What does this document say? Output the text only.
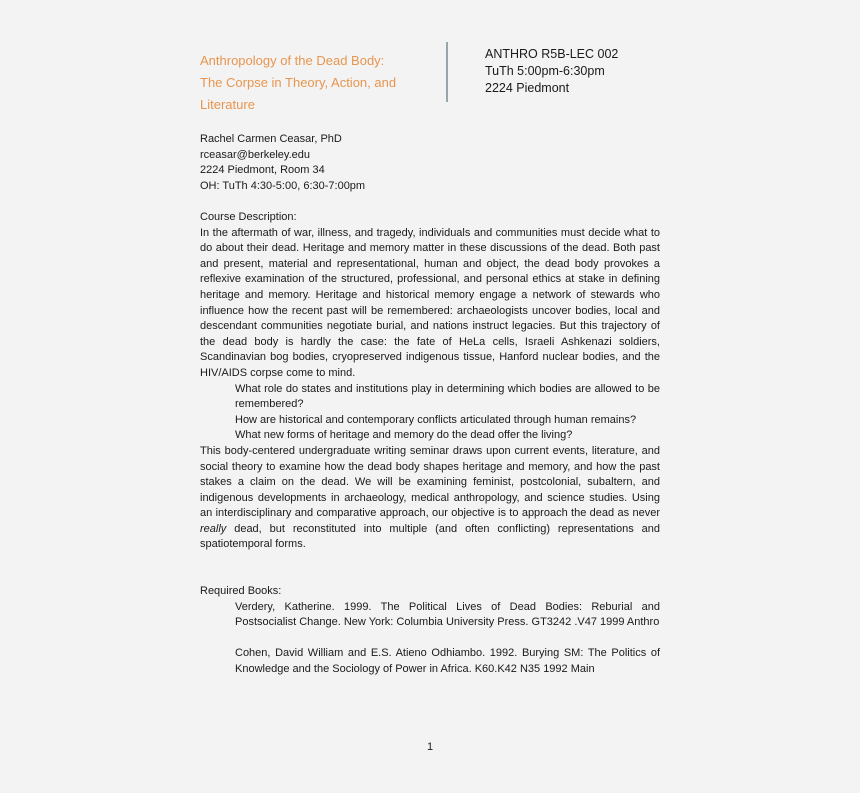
Anthropology of the Dead Body:
The Corpse in Theory, Action, and
Literature
ANTHRO R5B-LEC 002
TuTh 5:00pm-6:30pm
2224 Piedmont
Rachel Carmen Ceasar, PhD
rceasar@berkeley.edu
2224 Piedmont, Room 34
OH: TuTh 4:30-5:00, 6:30-7:00pm

Course Description:

In the aftermath of war, illness, and tragedy, individuals and communities must decide what to do about their dead. Heritage and memory matter in these discussions of the dead. Both past and present, material and representational, human and object, the dead body provokes a reflexive examination of the structured, professional, and personal ethics at stake in defining heritage and memory. Heritage and historical memory engage a network of stewards who influence how the recent past will be remembered: archaeologists uncover bodies, local and descendant communities negotiate burial, and nations instruct legacies. But this trajectory of the dead body is hardly the case: the fate of HeLa cells, Israeli Ashkenazi soldiers, Scandinavian bog bodies, cryopreserved indigenous tissue, Hanford nuclear bodies, and the HIV/AIDS corpse come to mind.

What role do states and institutions play in determining which bodies are allowed to be remembered?

How are historical and contemporary conflicts articulated through human remains?

What new forms of heritage and memory do the dead offer the living?

This body-centered undergraduate writing seminar draws upon current events, literature, and social theory to examine how the dead body shapes heritage and memory, and how the past stakes a claim on the dead. We will be examining feminist, postcolonial, subaltern, and indigenous developments in archaeology, medical anthropology, and science studies. Using an interdisciplinary and comparative approach, our objective is to approach the dead as never really dead, but reconstituted into multiple (and often conflicting) representations and spatiotemporal forms.

Required Books:

Verdery, Katherine. 1999. The Political Lives of Dead Bodies: Reburial and Postsocialist Change. New York: Columbia University Press. GT3242 .V47 1999 Anthro

Cohen, David William and E.S. Atieno Odhiambo. 1992. Burying SM: The Politics of Knowledge and the Sociology of Power in Africa. K60.K42 N35 1992 Main

1
